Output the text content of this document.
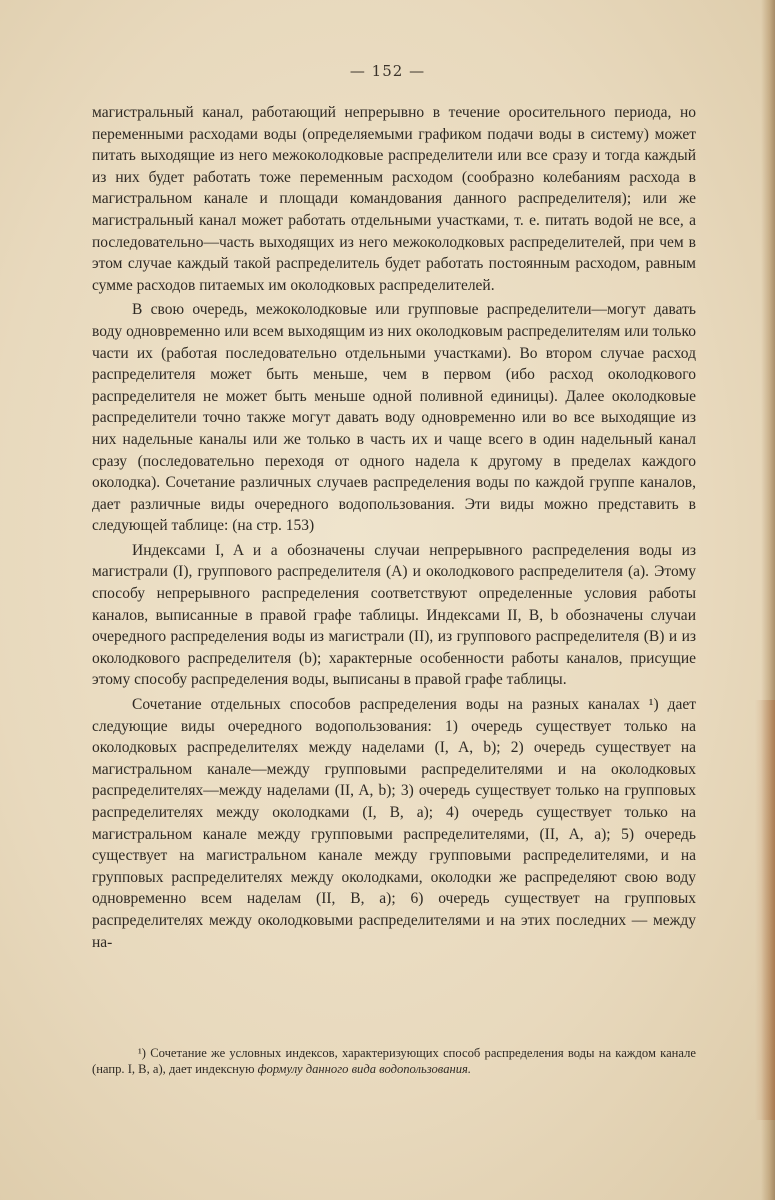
— 152 —

магистральный канал, работающий непрерывно в течение оросительного периода, но переменными расходами воды (определяемыми графиком подачи воды в систему) может питать выходящие из него межоколодковые распределители или все сразу и тогда каждый из них будет работать тоже переменным расходом (сообразно колебаниям расхода в магистральном канале и площади командования данного распределителя); или же магистральный канал может работать отдельными участками, т. е. питать водой не все, а последовательно—часть выходящих из него межоколодковых распределителей, при чем в этом случае каждый такой распределитель будет работать постоянным расходом, равным сумме расходов питаемых им околодковых распределителей.

В свою очередь, межоколодковые или групповые распределители—могут давать воду одновременно или всем выходящим из них околодковым распределителям или только части их (работая последовательно отдельными участками). Во втором случае расход распределителя может быть меньше, чем в первом (ибо расход околодкового распределителя не может быть меньше одной поливной единицы). Далее околодковые распределители точно также могут давать воду одновременно или во все выходящие из них надельные каналы или же только в часть их и чаще всего в один надельный канал сразу (последовательно переходя от одного надела к другому в пределах каждого околодка). Сочетание различных случаев распределения воды по каждой группе каналов, дает различные виды очередного водопользования. Эти виды можно представить в следующей таблице: (на стр. 153)

Индексами I, A и a обозначены случаи непрерывного распределения воды из магистрали (I), группового распределителя (A) и околодкового распределителя (a). Этому способу непрерывного распределения соответствуют определенные условия работы каналов, выписанные в правой графе таблицы. Индексами II, B, b обозначены случаи очередного распределения воды из магистрали (II), из группового распределителя (B) и из околодкового распределителя (b); характерные особенности работы каналов, присущие этому способу распределения воды, выписаны в правой графе таблицы.

Сочетание отдельных способов распределения воды на разных каналах ¹) дает следующие виды очередного водопользования: 1) очередь существует только на околодковых распределителях между наделами (I, A, b); 2) очередь существует на магистральном канале—между групповыми распределителями и на околодковых распределителях—между наделами (II, A, b); 3) очередь существует только на групповых распределителях между околодками (I, B, a); 4) очередь существует только на магистральном канале между групповыми распределителями, (II, A, a); 5) очередь существует на магистральном канале между групповыми распределителями, и на групповых распределителях между околодками, околодки же распределяют свою воду одновременно всем наделам (II, B, a); 6) очередь существует на групповых распределителях между околодковыми распределителями и на этих последних — между на-

¹) Сочетание же условных индексов, характеризующих способ распределения воды на каждом канале (напр. I, B, a), дает индексную формулу данного вида водопользования.
